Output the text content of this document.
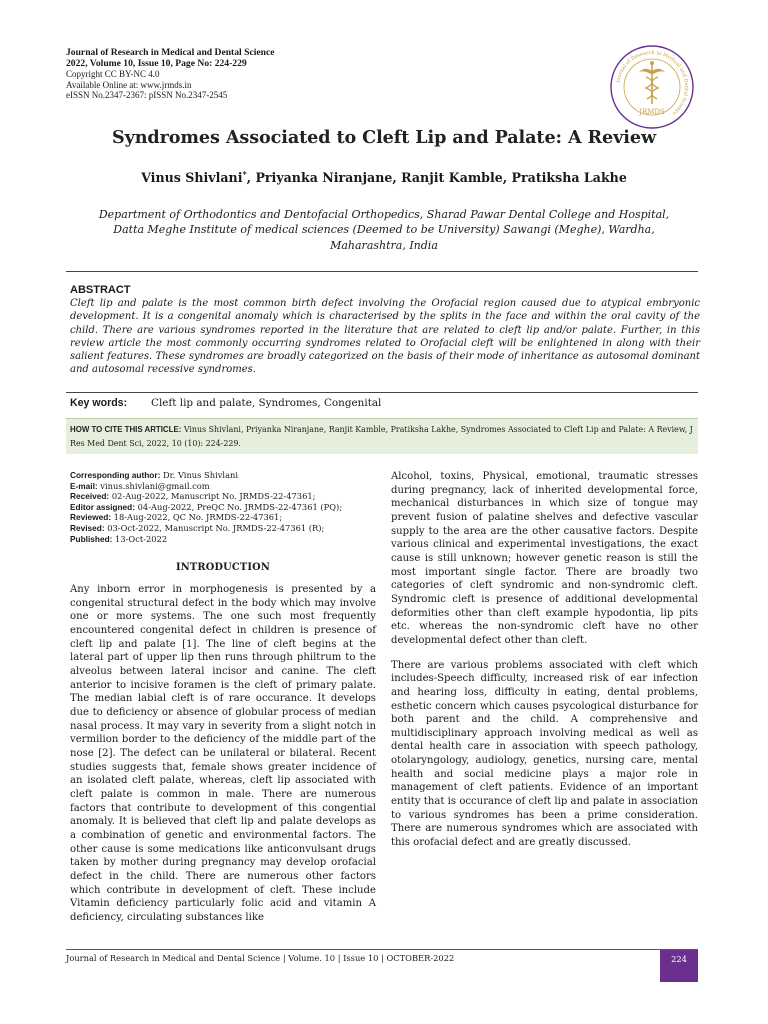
Journal of Research in Medical and Dental Science
2022, Volume 10, Issue 10, Page No: 224-229
Copyright CC BY-NC 4.0
Available Online at: www.jrmds.in
eISSN No.2347-2367: pISSN No.2347-2545
Journal of Research in Medical and Dental Science
JRMDS
Syndromes Associated to Cleft Lip and Palate: A Review
Vinus Shivlani*, Priyanka Niranjane, Ranjit Kamble, Pratiksha Lakhe
Department of Orthodontics and Dentofacial Orthopedics, Sharad Pawar Dental College and Hospital, Datta Meghe Institute of medical sciences (Deemed to be University) Sawangi (Meghe), Wardha, Maharashtra, India
ABSTRACT
Cleft lip and palate is the most common birth defect involving the Orofacial region caused due to atypical embryonic development. It is a congenital anomaly which is characterised by the splits in the face and within the oral cavity of the child. There are various syndromes reported in the literature that are related to cleft lip and/or palate. Further, in this review article the most commonly occurring syndromes related to Orofacial cleft will be enlightened in along with their salient features. These syndromes are broadly categorized on the basis of their mode of inheritance as autosomal dominant and autosomal recessive syndromes.
Key words: Cleft lip and palate, Syndromes, Congenital
HOW TO CITE THIS ARTICLE: Vinus Shivlani, Priyanka Niranjane, Ranjit Kamble, Pratiksha Lakhe, Syndromes Associated to Cleft Lip and Palate: A Review, J Res Med Dent Sci, 2022, 10 (10): 224-229.
Corresponding author: Dr. Vinus Shivlani
E-mail: vinus.shivlani@gmail.com
Received: 02-Aug-2022, Manuscript No. JRMDS-22-47361;
Editor assigned: 04-Aug-2022, PreQC No. JRMDS-22-47361 (PQ);
Reviewed: 18-Aug-2022, QC No. JRMDS-22-47361;
Revised: 03-Oct-2022, Manuscript No. JRMDS-22-47361 (R);
Published: 13-Oct-2022
INTRODUCTION

Any inborn error in morphogenesis is presented by a congenital structural defect in the body which may involve one or more systems. The one such most frequently encountered congenital defect in children is presence of cleft lip and palate [1]. The line of cleft begins at the lateral part of upper lip then runs through philtrum to the alveolus between lateral incisor and canine. The cleft anterior to incisive foramen is the cleft of primary palate. The median labial cleft is of rare occurance. It develops due to deficiency or absence of globular process of median nasal process. It may vary in severity from a slight notch in vermilion border to the deficiency of the middle part of the nose [2]. The defect can be unilateral or bilateral. Recent studies suggests that, female shows greater incidence of an isolated cleft palate, whereas, cleft lip associated with cleft palate is common in male. There are numerous factors that contribute to development of this congential anomaly. It is believed that cleft lip and palate develops as a combination of genetic and environmental factors. The other cause is some medications like anticonvulsant drugs taken by mother during pregnancy may develop orofacial defect in the child. There are numerous other factors which contribute in development of cleft. These include Vitamin deficiency particularly folic acid and vitamin A deficiency, circulating substances like

Alcohol, toxins, Physical, emotional, traumatic stresses during pregnancy, lack of inherited developmental force, mechanical disturbances in which size of tongue may prevent fusion of palatine shelves and defective vascular supply to the area are the other causative factors. Despite various clinical and experimental investigations, the exact cause is still unknown; however genetic reason is still the most important single factor. There are broadly two categories of cleft syndromic and non-syndromic cleft. Syndromic cleft is presence of additional developmental deformities other than cleft example hypodontia, lip pits etc. whereas the non-syndromic cleft have no other developmental defect other than cleft.

There are various problems associated with cleft which includes-Speech difficulty, increased risk of ear infection and hearing loss, difficulty in eating, dental problems, esthetic concern which causes psycological disturbance for both parent and the child. A comprehensive and multidisciplinary approach involving medical as well as dental health care in association with speech pathology, otolaryngology, audiology, genetics, nursing care, mental health and social medicine plays a major role in management of cleft patients. Evidence of an important entity that is occurance of cleft lip and palate in association to various syndromes has been a prime consideration. There are numerous syndromes which are associated with this orofacial defect and are greatly discussed.

Journal of Research in Medical and Dental Science | Volume. 10 | Issue 10 | OCTOBER-2022	224
